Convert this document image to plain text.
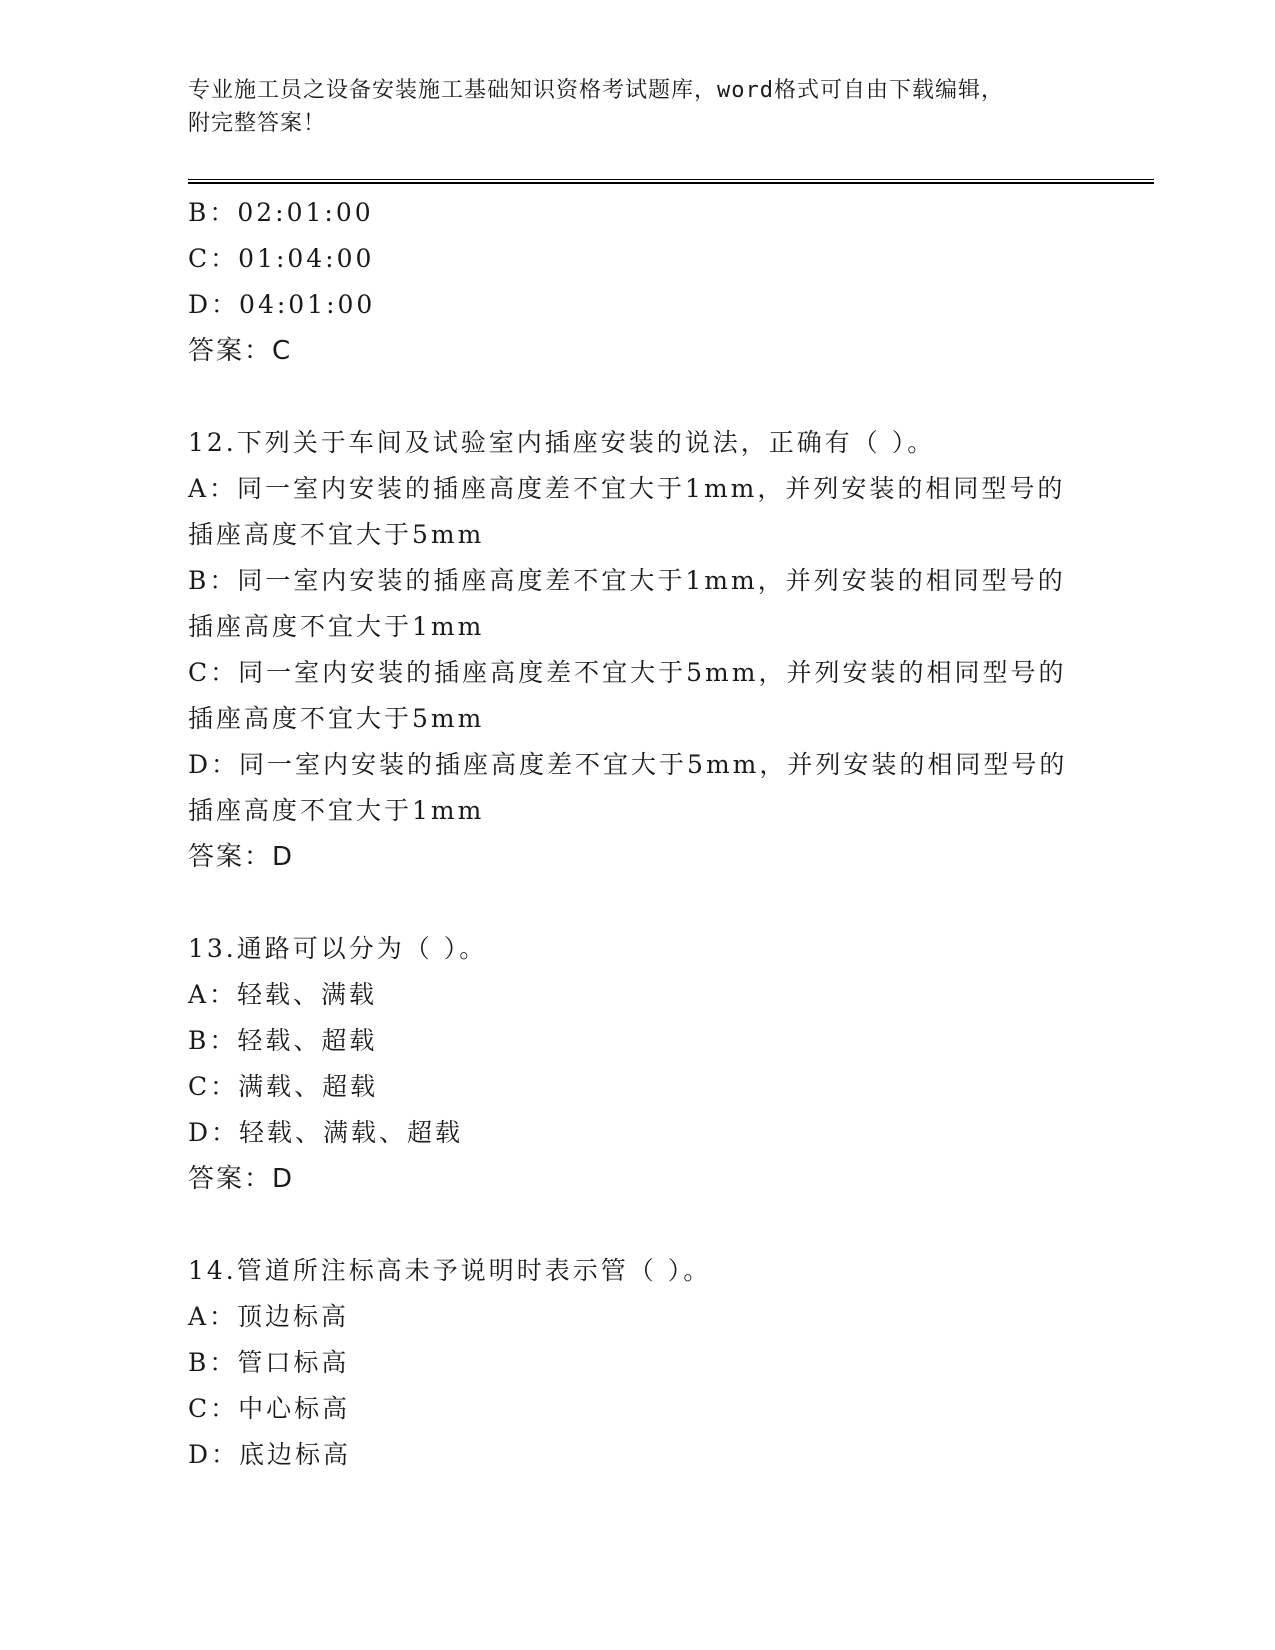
专业施工员之设备安装施工基础知识资格考试题库，word格式可自由下载编辑，
附完整答案！
B：02:01:00
C：01:04:00
D：04:01:00
答案：C
12.下列关于车间及试验室内插座安装的说法，正确有（ ）。
A：同一室内安装的插座高度差不宜大于1mm，并列安装的相同型号的
插座高度不宜大于5mm
B：同一室内安装的插座高度差不宜大于1mm，并列安装的相同型号的
插座高度不宜大于1mm
C：同一室内安装的插座高度差不宜大于5mm，并列安装的相同型号的
插座高度不宜大于5mm
D：同一室内安装的插座高度差不宜大于5mm，并列安装的相同型号的
插座高度不宜大于1mm
答案：D
13.通路可以分为（ ）。
A：轻载、满载
B：轻载、超载
C：满载、超载
D：轻载、满载、超载
答案：D
14.管道所注标高未予说明时表示管（ ）。
A：顶边标高
B：管口标高
C：中心标高
D：底边标高
